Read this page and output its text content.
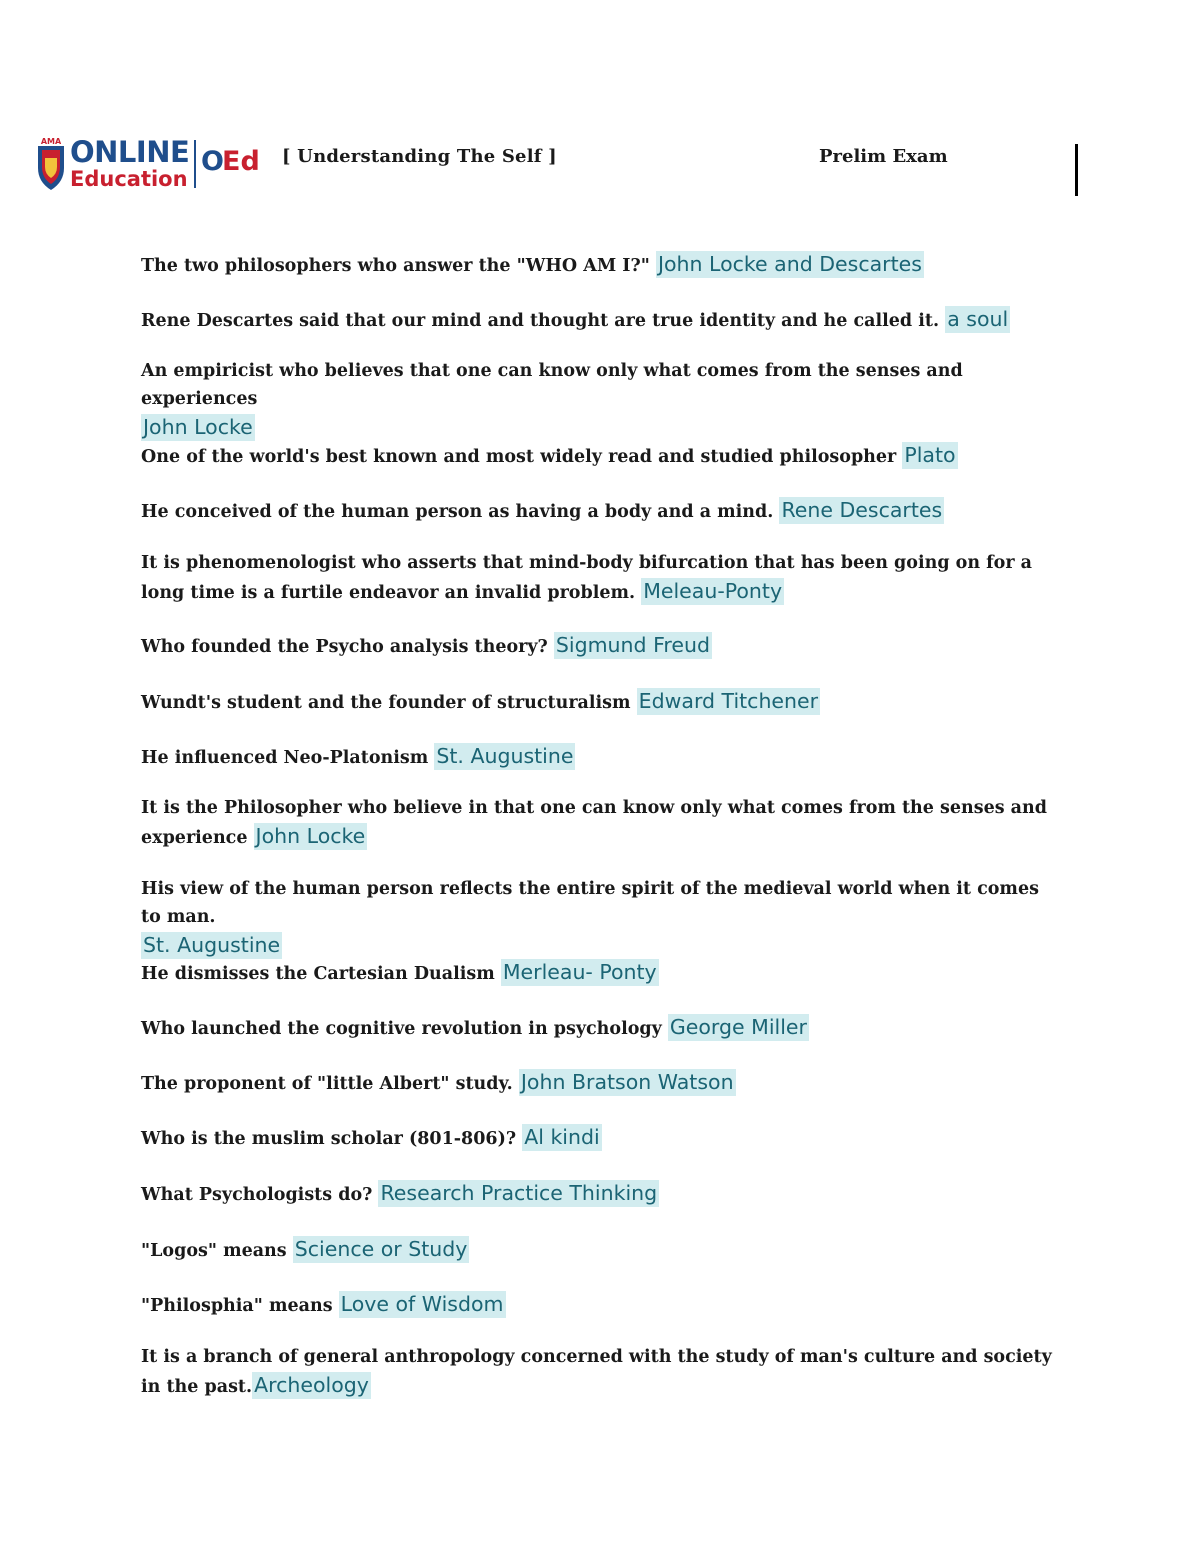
AMA ONLINE
Education
O
Ed [ Understanding The Self ]	Prelim Exam
The two philosophers who answer the "WHO AM I?" John Locke and Descartes
Rene Descartes said that our mind and thought are true identity and he called it. a soul
An empiricist who believes that one can know only what comes from the senses and experiences
John Locke
One of the world's best known and most widely read and studied philosopher Plato
He conceived of the human person as having a body and a mind. Rene Descartes
It is phenomenologist who asserts that mind-body bifurcation that has been going on for a long time is a furtile endeavor an invalid problem. Meleau-Ponty
Who founded the Psycho analysis theory? Sigmund Freud
Wundt's student and the founder of structuralism Edward Titchener
He influenced Neo-Platonism St. Augustine
It is the Philosopher who believe in that one can know only what comes from the senses and experience John Locke
His view of the human person reflects the entire spirit of the medieval world when it comes to man.
St. Augustine
He dismisses the Cartesian Dualism Merleau- Ponty
Who launched the cognitive revolution in psychology George Miller
The proponent of "little Albert" study. John Bratson Watson
Who is the muslim scholar (801-806)? Al kindi
What Psychologists do? Research Practice Thinking
"Logos" means Science or Study
"Philosphia" means Love of Wisdom
It is a branch of general anthropology concerned with the study of man's culture and society in the past.Archeology
